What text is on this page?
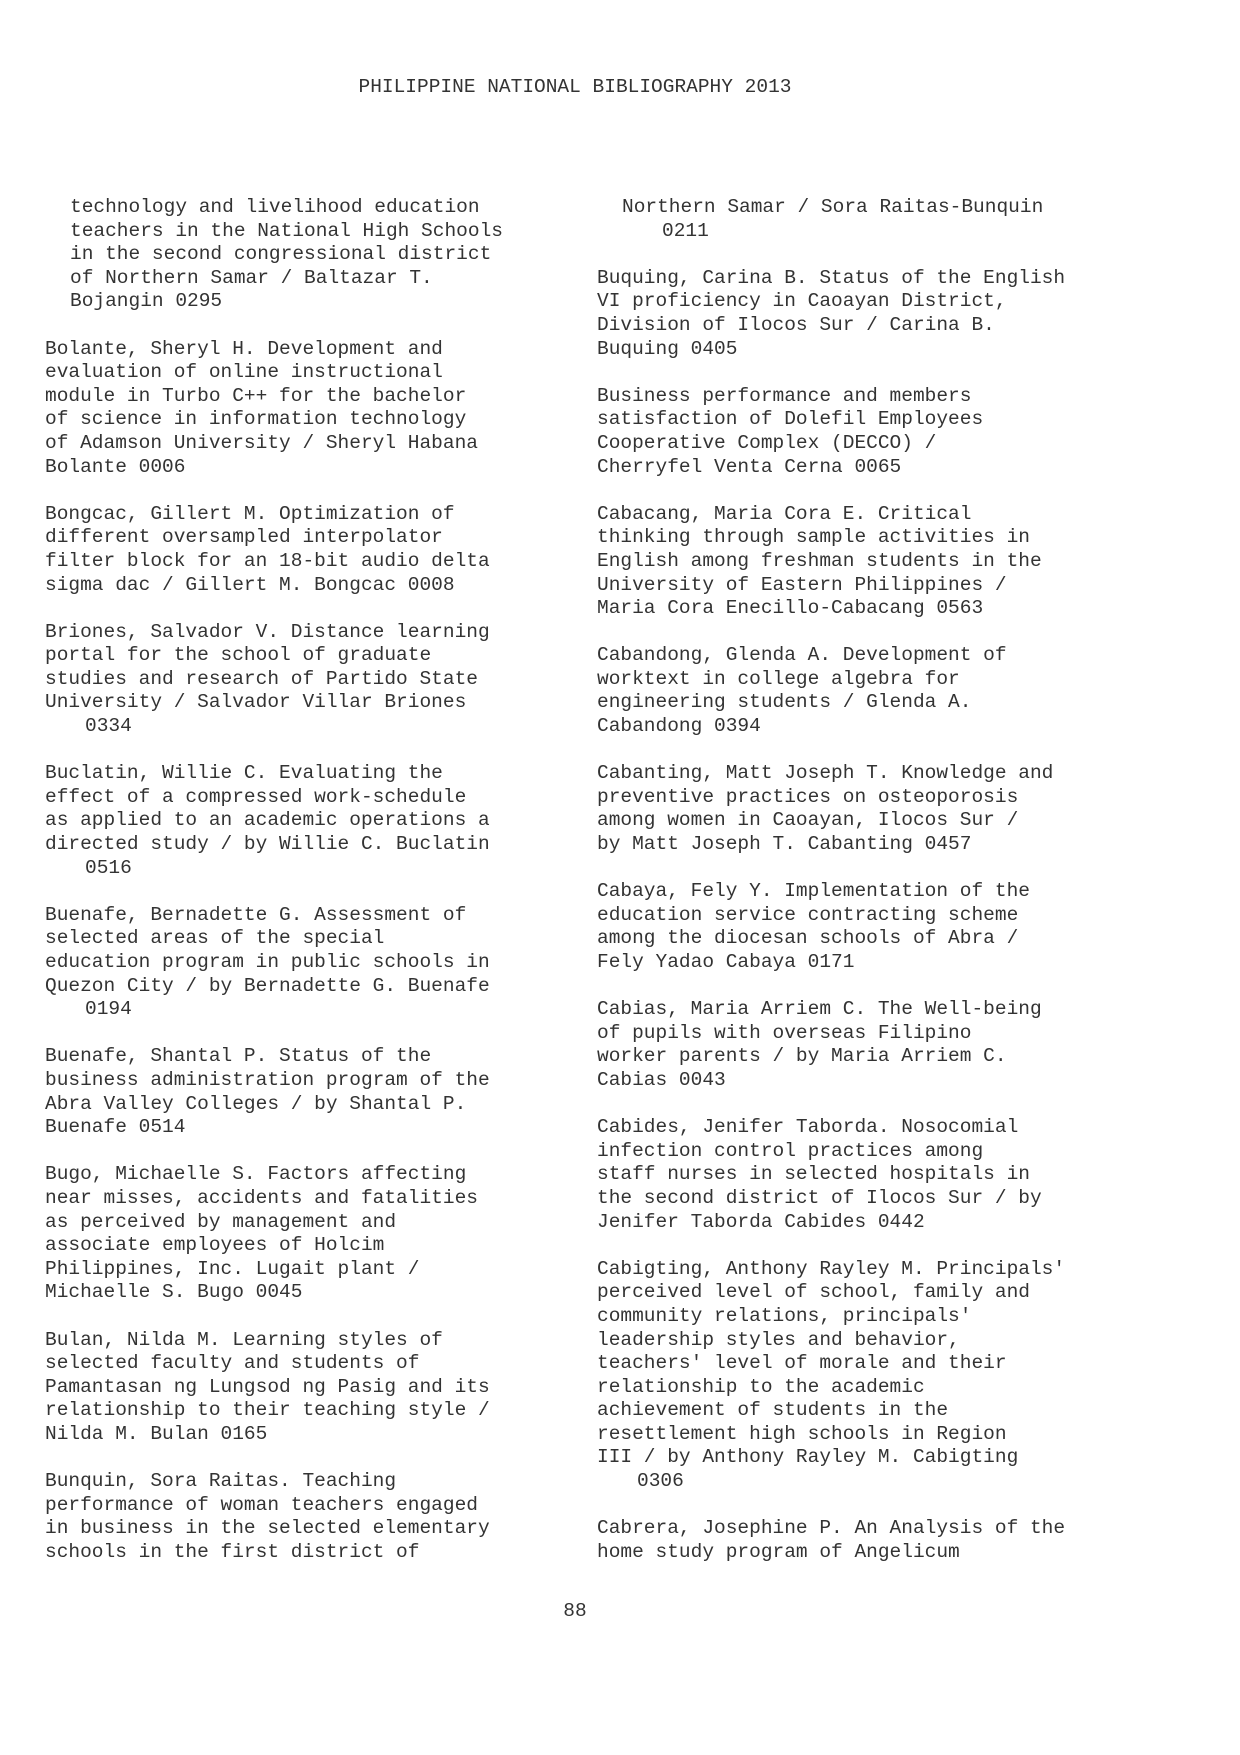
PHILIPPINE NATIONAL BIBLIOGRAPHY 2013
technology and livelihood education
teachers in the National High Schools
in the second congressional district
of Northern Samar / Baltazar T.
Bojangin 0295
Bolante, Sheryl H. Development and
evaluation of online instructional
module in Turbo C++ for the bachelor
of science in information technology
of Adamson University / Sheryl Habana
Bolante 0006
Bongcac, Gillert M. Optimization of
different oversampled interpolator
filter block for an 18-bit audio delta
sigma dac / Gillert M. Bongcac 0008
Briones, Salvador V. Distance learning
portal for the school of graduate
studies and research of Partido State
University / Salvador Villar Briones
0334
Buclatin, Willie C. Evaluating the
effect of a compressed work-schedule
as applied to an academic operations a
directed study / by Willie C. Buclatin
0516
Buenafe, Bernadette G. Assessment of
selected areas of the special
education program in public schools in
Quezon City / by Bernadette G. Buenafe
0194
Buenafe, Shantal P. Status of the
business administration program of the
Abra Valley Colleges / by Shantal P.
Buenafe 0514
Bugo, Michaelle S. Factors affecting
near misses, accidents and fatalities
as perceived by management and
associate employees of Holcim
Philippines, Inc. Lugait plant /
Michaelle S. Bugo 0045
Bulan, Nilda M. Learning styles of
selected faculty and students of
Pamantasan ng Lungsod ng Pasig and its
relationship to their teaching style /
Nilda M. Bulan 0165
Bunquin, Sora Raitas. Teaching
performance of woman teachers engaged
in business in the selected elementary
schools in the first district of
Northern Samar / Sora Raitas-Bunquin
0211
Buquing, Carina B. Status of the English
VI proficiency in Caoayan District,
Division of Ilocos Sur / Carina B.
Buquing 0405
Business performance and members
satisfaction of Dolefil Employees
Cooperative Complex (DECCO) /
Cherryfel Venta Cerna 0065
Cabacang, Maria Cora E. Critical
thinking through sample activities in
English among freshman students in the
University of Eastern Philippines /
Maria Cora Enecillo-Cabacang 0563
Cabandong, Glenda A. Development of
worktext in college algebra for
engineering students / Glenda A.
Cabandong 0394
Cabanting, Matt Joseph T. Knowledge and
preventive practices on osteoporosis
among women in Caoayan, Ilocos Sur /
by Matt Joseph T. Cabanting 0457
Cabaya, Fely Y. Implementation of the
education service contracting scheme
among the diocesan schools of Abra /
Fely Yadao Cabaya 0171
Cabias, Maria Arriem C. The Well-being
of pupils with overseas Filipino
worker parents / by Maria Arriem C.
Cabias 0043
Cabides, Jenifer Taborda. Nosocomial
infection control practices among
staff nurses in selected hospitals in
the second district of Ilocos Sur / by
Jenifer Taborda Cabides 0442
Cabigting, Anthony Rayley M. Principals'
perceived level of school, family and
community relations, principals'
leadership styles and behavior,
teachers' level of morale and their
relationship to the academic
achievement of students in the
resettlement high schools in Region
III / by Anthony Rayley M. Cabigting
0306
Cabrera, Josephine P. An Analysis of the
home study program of Angelicum
88
